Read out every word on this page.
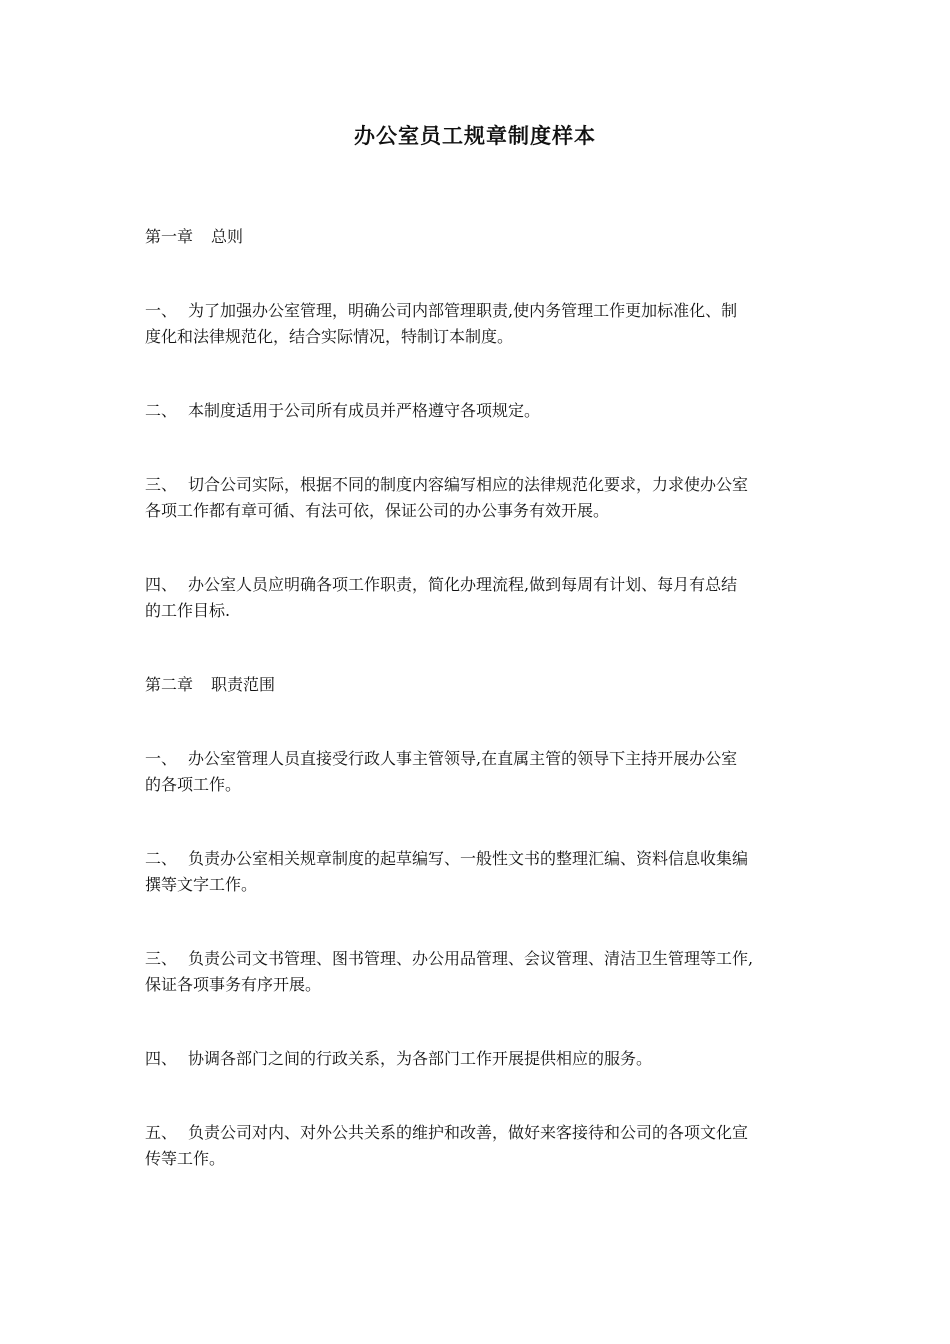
办公室员工规章制度样本
第一章 总则
一、 为了加强办公室管理，明确公司内部管理职责,使内务管理工作更加标准化、制
度化和法律规范化，结合实际情况，特制订本制度。
二、 本制度适用于公司所有成员并严格遵守各项规定。
三、 切合公司实际，根据不同的制度内容编写相应的法律规范化要求，力求使办公室
各项工作都有章可循、有法可依，保证公司的办公事务有效开展。
四、 办公室人员应明确各项工作职责，简化办理流程,做到每周有计划、每月有总结
的工作目标.
第二章 职责范围
一、 办公室管理人员直接受行政人事主管领导,在直属主管的领导下主持开展办公室
的各项工作。
二、 负责办公室相关规章制度的起草编写、一般性文书的整理汇编、资料信息收集编
撰等文字工作。
三、 负责公司文书管理、图书管理、办公用品管理、会议管理、清洁卫生管理等工作,
保证各项事务有序开展。
四、 协调各部门之间的行政关系，为各部门工作开展提供相应的服务。
五、 负责公司对内、对外公共关系的维护和改善，做好来客接待和公司的各项文化宣
传等工作。
